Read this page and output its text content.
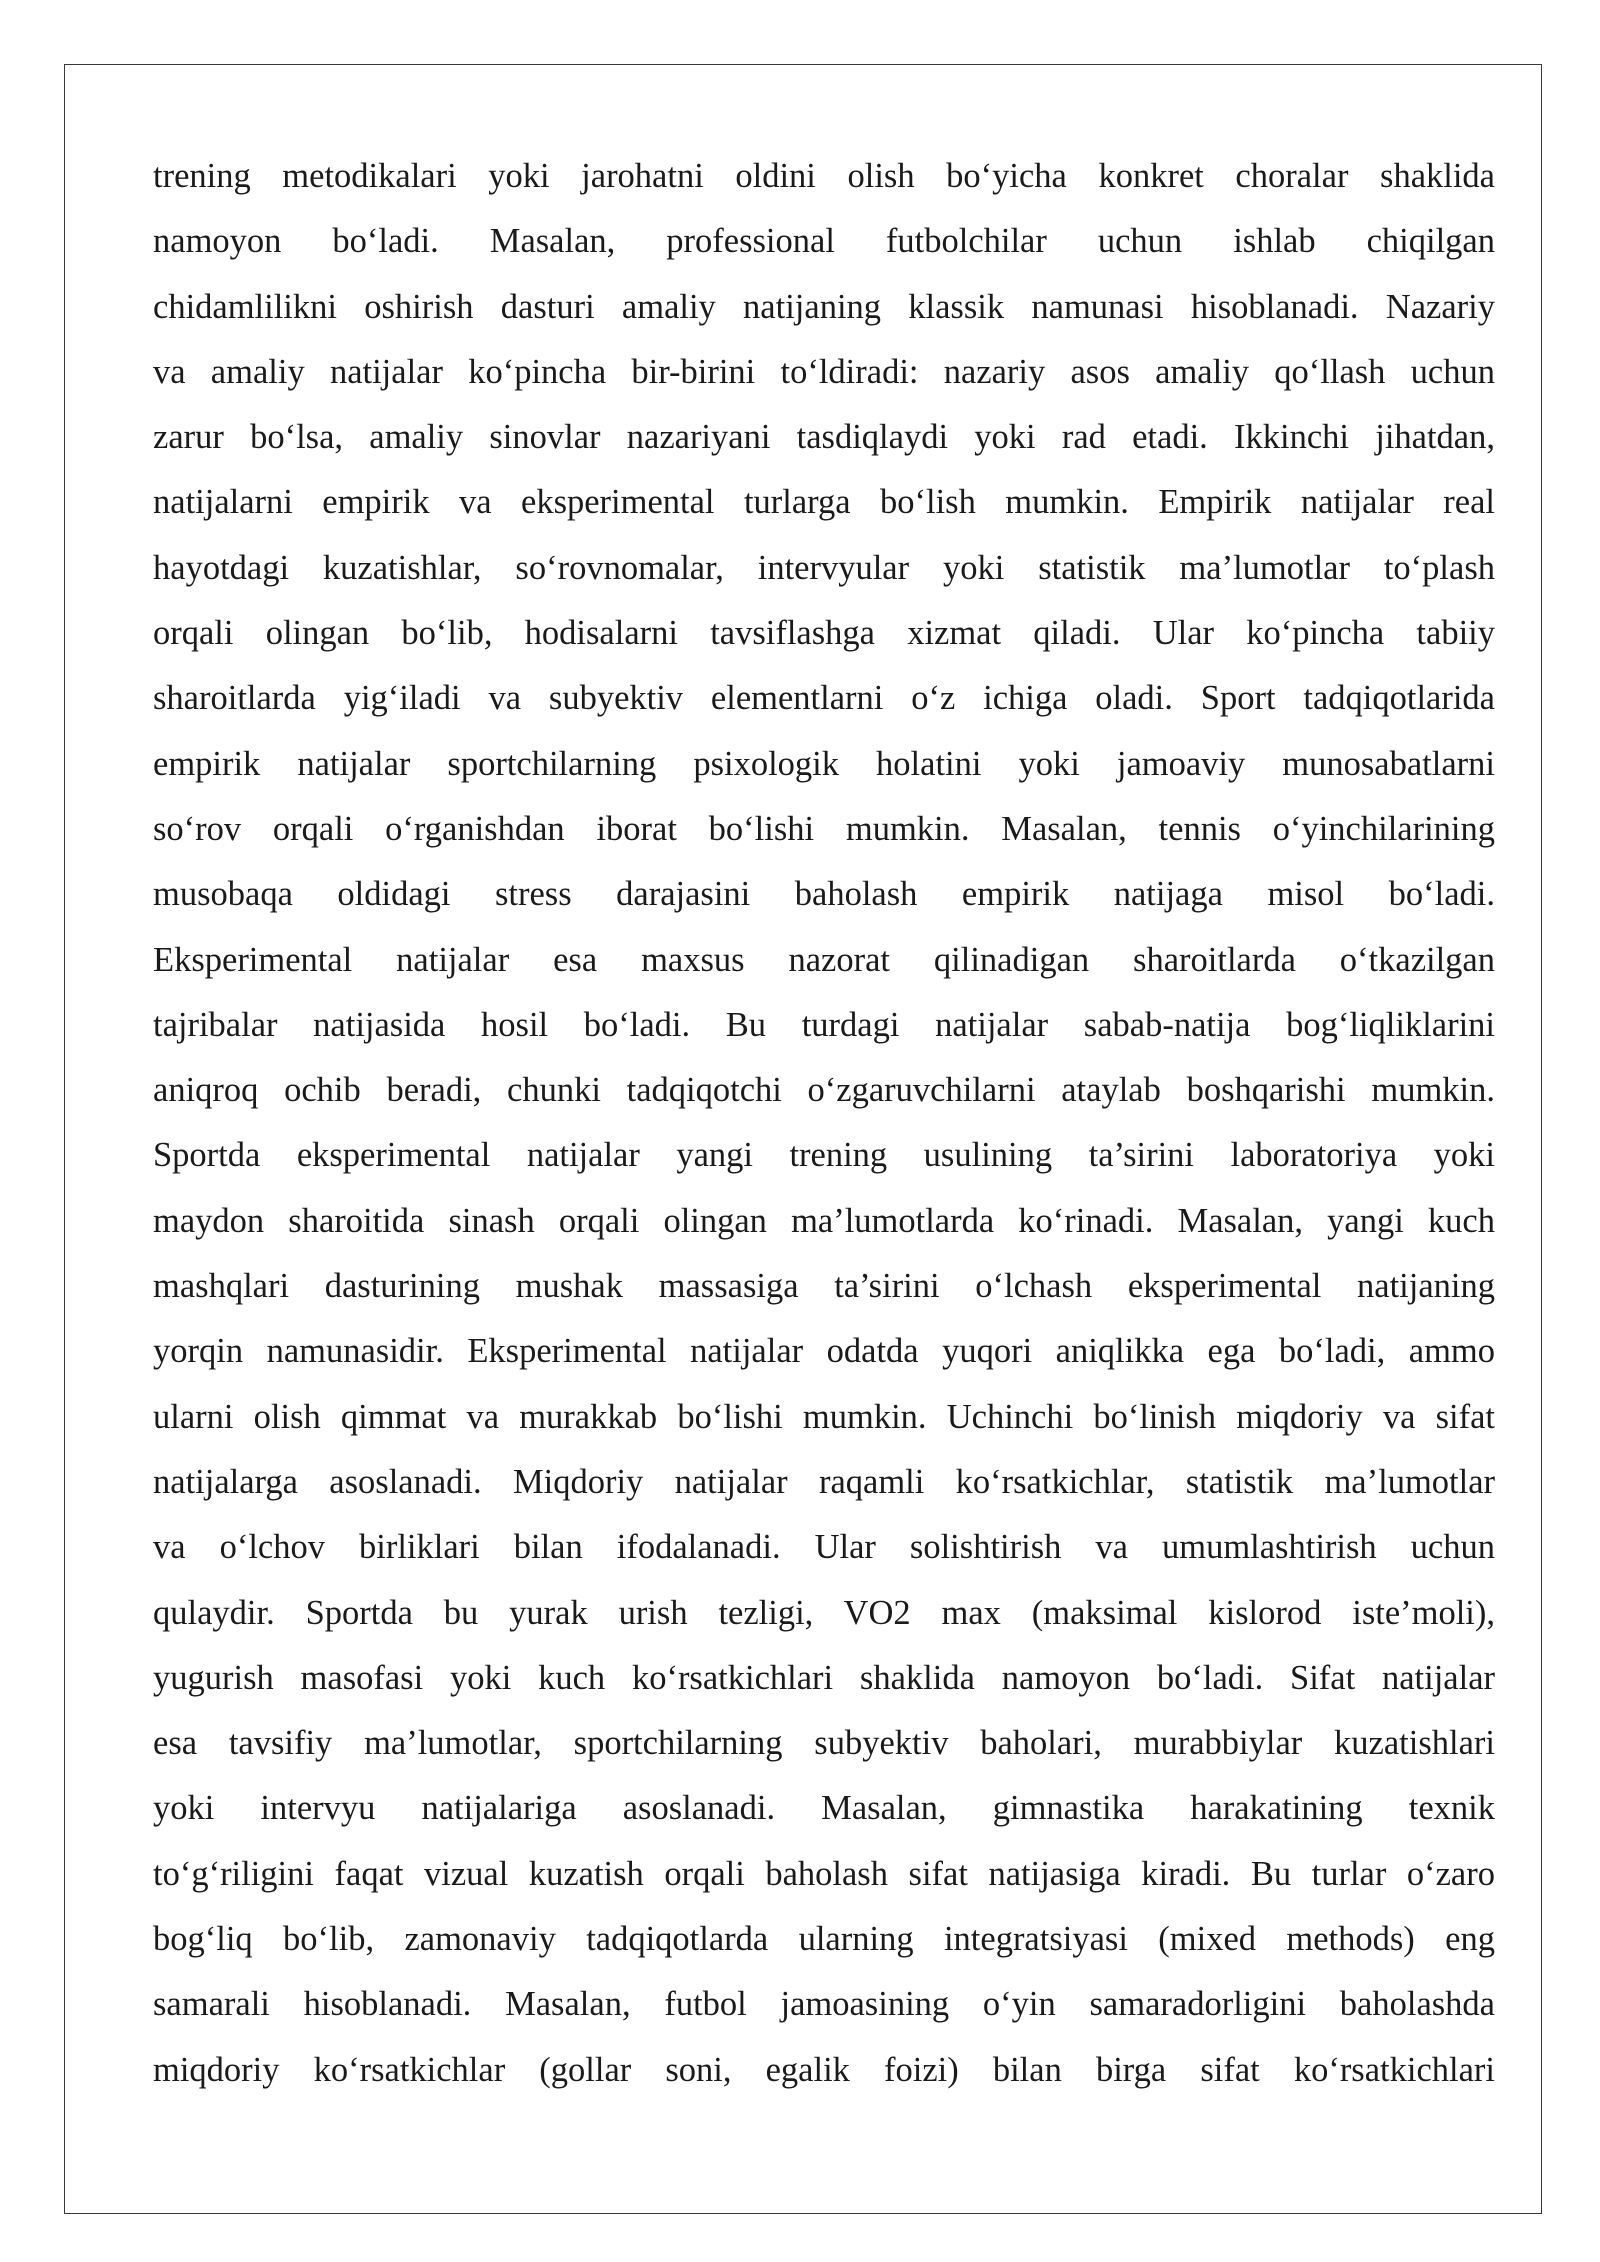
trening metodikalari yoki jarohatni oldini olish bo‘yicha konkret choralar shaklida
namoyon bo‘ladi. Masalan, professional futbolchilar uchun ishlab chiqilgan
chidamlilikni oshirish dasturi amaliy natijaning klassik namunasi hisoblanadi. Nazariy
va amaliy natijalar ko‘pincha bir-birini to‘ldiradi: nazariy asos amaliy qo‘llash uchun
zarur bo‘lsa, amaliy sinovlar nazariyani tasdiqlaydi yoki rad etadi. Ikkinchi jihatdan,
natijalarni empirik va eksperimental turlarga bo‘lish mumkin. Empirik natijalar real
hayotdagi kuzatishlar, so‘rovnomalar, intervyular yoki statistik ma’lumotlar to‘plash
orqali olingan bo‘lib, hodisalarni tavsiflashga xizmat qiladi. Ular ko‘pincha tabiiy
sharoitlarda yig‘iladi va subyektiv elementlarni o‘z ichiga oladi. Sport tadqiqotlarida
empirik natijalar sportchilarning psixologik holatini yoki jamoaviy munosabatlarni
so‘rov orqali o‘rganishdan iborat bo‘lishi mumkin. Masalan, tennis o‘yinchilarining
musobaqa oldidagi stress darajasini baholash empirik natijaga misol bo‘ladi.
Eksperimental natijalar esa maxsus nazorat qilinadigan sharoitlarda o‘tkazilgan
tajribalar natijasida hosil bo‘ladi. Bu turdagi natijalar sabab-natija bog‘liqliklarini
aniqroq ochib beradi, chunki tadqiqotchi o‘zgaruvchilarni ataylab boshqarishi mumkin.
Sportda eksperimental natijalar yangi trening usulining ta’sirini laboratoriya yoki
maydon sharoitida sinash orqali olingan ma’lumotlarda ko‘rinadi. Masalan, yangi kuch
mashqlari dasturining mushak massasiga ta’sirini o‘lchash eksperimental natijaning
yorqin namunasidir. Eksperimental natijalar odatda yuqori aniqlikka ega bo‘ladi, ammo
ularni olish qimmat va murakkab bo‘lishi mumkin. Uchinchi bo‘linish miqdoriy va sifat
natijalarga asoslanadi. Miqdoriy natijalar raqamli ko‘rsatkichlar, statistik ma’lumotlar
va o‘lchov birliklari bilan ifodalanadi. Ular solishtirish va umumlashtirish uchun
qulaydir. Sportda bu yurak urish tezligi, VO2 max (maksimal kislorod iste’moli),
yugurish masofasi yoki kuch ko‘rsatkichlari shaklida namoyon bo‘ladi. Sifat natijalar
esa tavsifiy ma’lumotlar, sportchilarning subyektiv baholari, murabbiylar kuzatishlari
yoki intervyu natijalariga asoslanadi. Masalan, gimnastika harakatining texnik
to‘g‘riligini faqat vizual kuzatish orqali baholash sifat natijasiga kiradi. Bu turlar o‘zaro
bog‘liq bo‘lib, zamonaviy tadqiqotlarda ularning integratsiyasi (mixed methods) eng
samarali hisoblanadi. Masalan, futbol jamoasining o‘yin samaradorligini baholashda
miqdoriy ko‘rsatkichlar (gollar soni, egalik foizi) bilan birga sifat ko‘rsatkichlari
